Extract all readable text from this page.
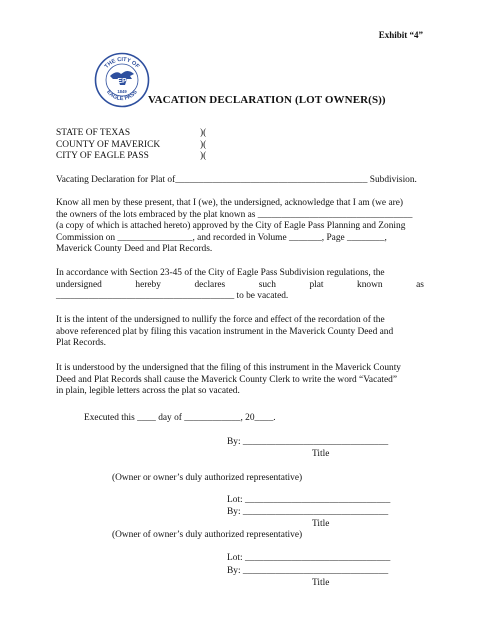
Exhibit “4”
THE CITY OF
EAGLE PASS
EP
1849
VACATION DECLARATION (LOT OWNER(S))
STATE OF TEXAS	)(
COUNTY OF MAVERICK	)(
CITY OF EAGLE PASS	)(
Vacating Declaration for Plat of_________________________________________ Subdivision.
Know all men by these present, that I (we), the undersigned, acknowledge that I am (we are)
the owners of the lots embraced by the plat known as _________________________________
(a copy of which is attached hereto) approved by the City of Eagle Pass Planning and Zoning
Commission on ________________, and recorded in Volume _______, Page ________,
Maverick County Deed and Plat Records.
In accordance with Section 23-45 of the City of Eagle Pass Subdivision regulations, the
undersigned	hereby	declares	such	plat	known	as
______________________________________ to be vacated.
It is the intent of the undersigned to nullify the force and effect of the recordation of the
above referenced plat by filing this vacation instrument in the Maverick County Deed and
Plat Records.
It is understood by the undersigned that the filing of this instrument in the Maverick County
Deed and Plat Records shall cause the Maverick County Clerk to write the word “Vacated”
in plain, legible letters across the plat so vacated.
Executed this ____ day of ____________, 20____.
By: _______________________________
Title
(Owner or owner’s duly authorized representative)
Lot: _______________________________
By: _______________________________
Title
(Owner of owner’s duly authorized representative)
Lot: _______________________________
By: _______________________________
Title
